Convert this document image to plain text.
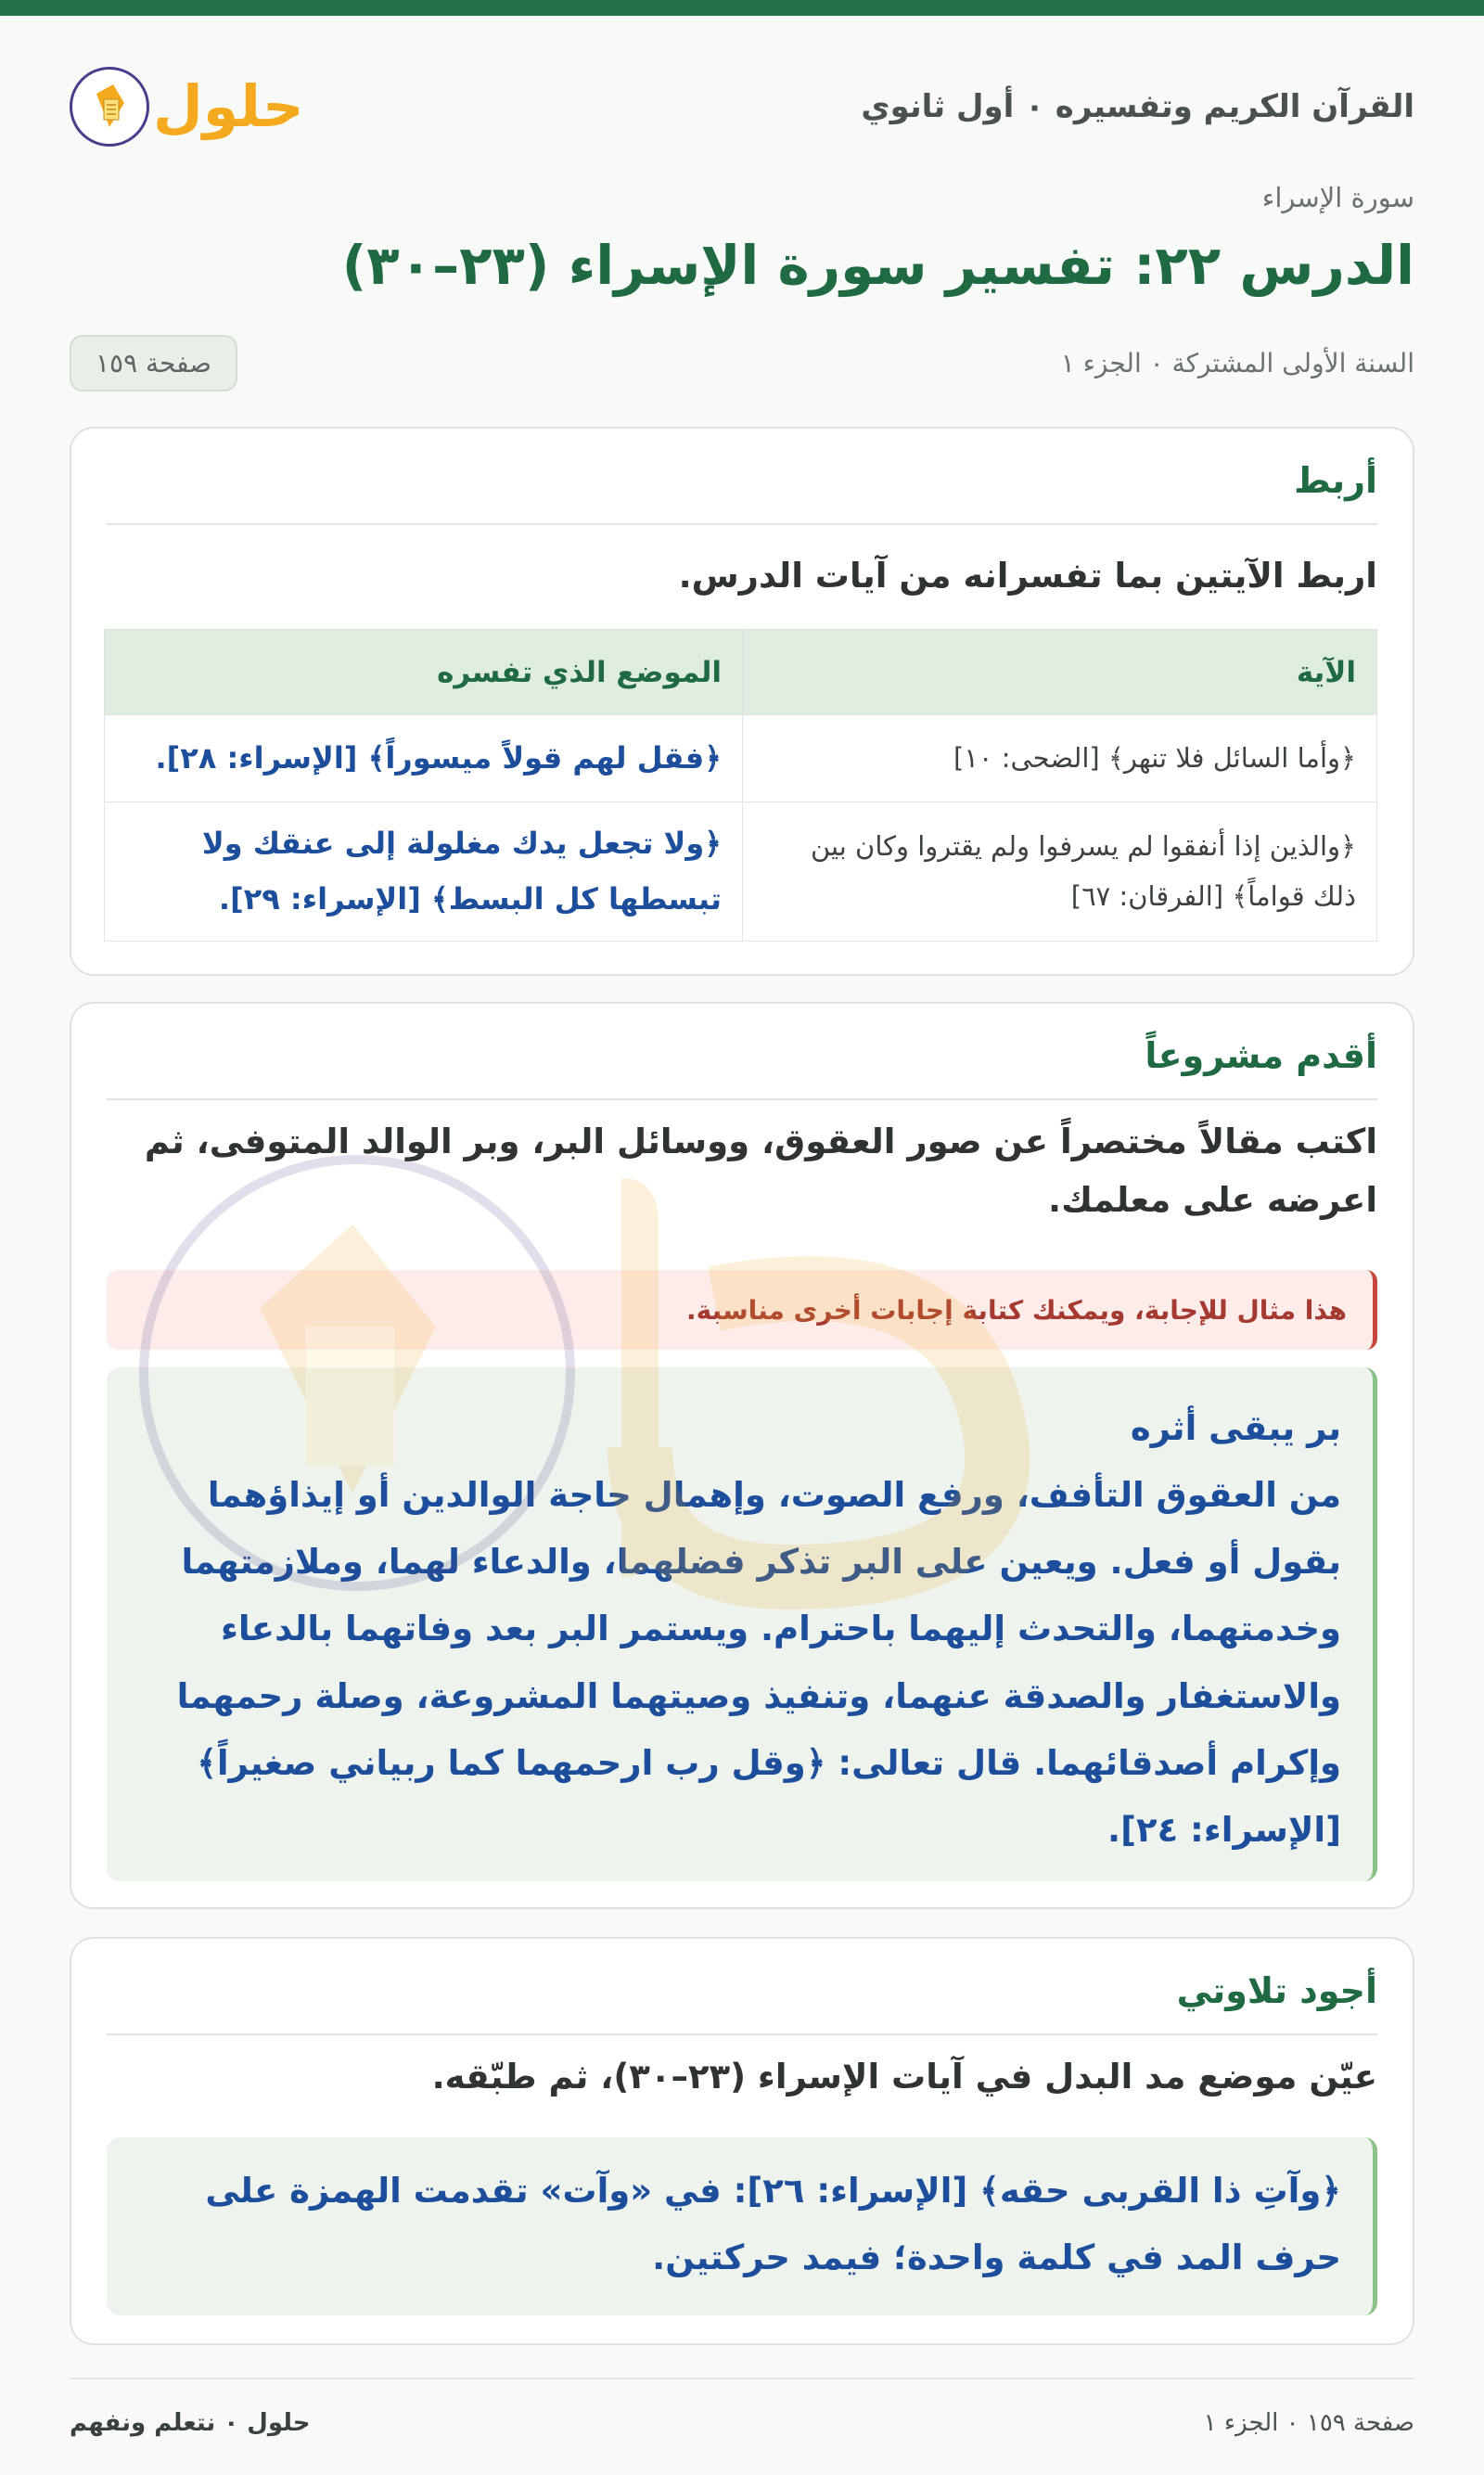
القرآن الكريم وتفسيره ٠ أول ثانوي
حلول
سورة الإسراء
الدرس ٢٢: تفسير سورة الإسراء (٢٣–٣٠)
السنة الأولى المشتركة ٠ الجزء ١
صفحة ١٥٩
أربط

اربط الآيتين بما تفسرانه من آيات الدرس.

الآية	الموضع الذي تفسره
﴿وأما السائل فلا تنهر﴾ [الضحى: ١٠]	﴿فقل لهم قولاً ميسوراً﴾ [الإسراء: ٢٨].
﴿والذين إذا أنفقوا لم يسرفوا ولم يقتروا وكان بين ذلك قواماً﴾ [الفرقان: ٦٧]	﴿ولا تجعل يدك مغلولة إلى عنقك ولا تبسطها كل البسط﴾ [الإسراء: ٢٩].
أقدم مشروعاً

اكتب مقالاً مختصراً عن صور العقوق، ووسائل البر، وبر الوالد المتوفى، ثم اعرضه على معلمك.

هذا مثال للإجابة، ويمكنك كتابة إجابات أخرى مناسبة.
بر يبقى أثره
من العقوق التأفف، ورفع الصوت، وإهمال حاجة الوالدين أو إيذاؤهما بقول أو فعل. ويعين على البر تذكر فضلهما، والدعاء لهما، وملازمتهما وخدمتهما، والتحدث إليهما باحترام. ويستمر البر بعد وفاتهما بالدعاء والاستغفار والصدقة عنهما، وتنفيذ وصيتهما المشروعة، وصلة رحمهما وإكرام أصدقائهما. قال تعالى: ﴿وقل رب ارحمهما كما ربياني صغيراً﴾ [الإسراء: ٢٤].
أجود تلاوتي

عيّن موضع مد البدل في آيات الإسراء (٢٣–٣٠)، ثم طبّقه.

﴿وآتِ ذا القربى حقه﴾ [الإسراء: ٢٦]: في «وآت» تقدمت الهمزة على حرف المد في كلمة واحدة؛ فيمد حركتين.
صفحة ١٥٩ ٠ الجزء ١
حلول ٠ نتعلم ونفهم
